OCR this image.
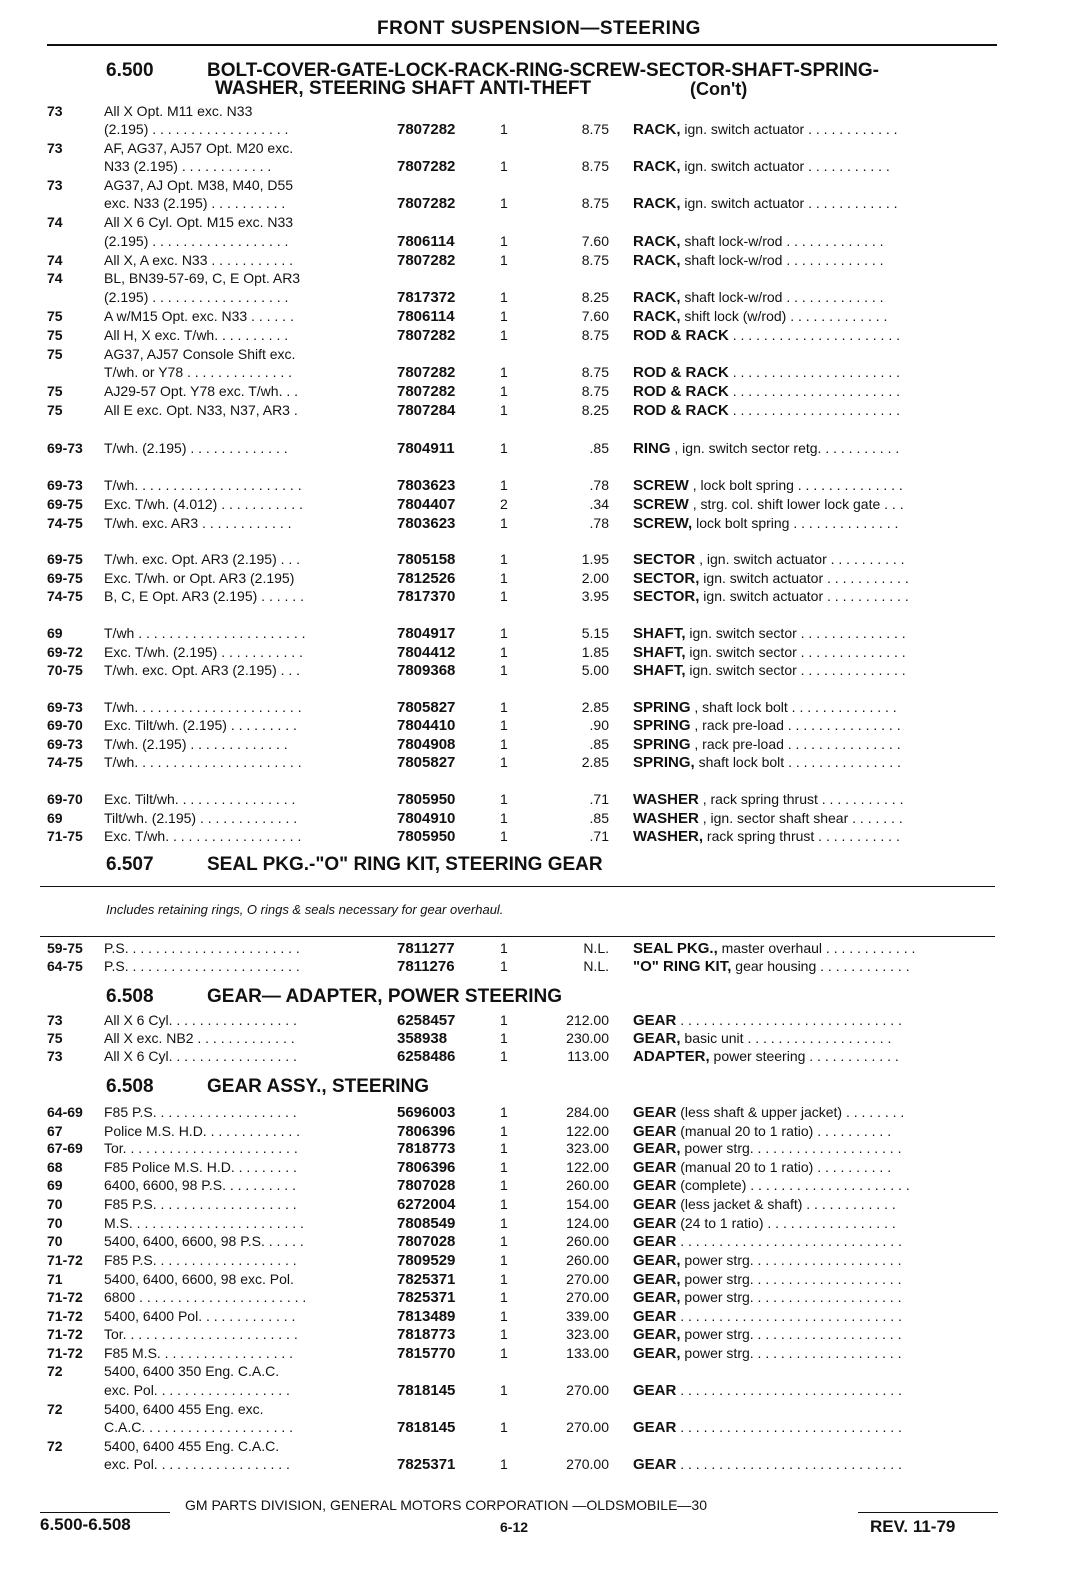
FRONT SUSPENSION—STEERING
6.500	BOLT-COVER-GATE-LOCK-RACK-RING-SCREW-SECTOR-SHAFT-SPRING-
WASHER, STEERING SHAFT ANTI-THEFT	(Con't)
6.507	SEAL PKG.-"O" RING KIT, STEERING GEAR
Includes retaining rings, O rings & seals necessary for gear overhaul.
6.508	GEAR— ADAPTER, POWER STEERING
6.508	GEAR ASSY., STEERING
73	All X Opt. M11 exc. N33
(2.195) . . . . . . . . . . . . . . . . . .	7807282	1	8.75 RACK, ign. switch actuator . . . . . . . . . . . .
73	AF, AG37, AJ57 Opt. M20 exc.
N33 (2.195) . . . . . . . . . . . .	7807282	1	8.75 RACK, ign. switch actuator . . . . . . . . . . .
73	AG37, AJ Opt. M38, M40, D55
exc. N33 (2.195) . . . . . . . . . .	7807282	1	8.75 RACK, ign. switch actuator . . . . . . . . . . . .
74	All X 6 Cyl. Opt. M15 exc. N33
(2.195) . . . . . . . . . . . . . . . . . .	7806114	1	7.60 RACK, shaft lock-w/rod . . . . . . . . . . . . .
74	All X, A exc. N33 . . . . . . . . . . .	7807282	1	8.75 RACK, shaft lock-w/rod . . . . . . . . . . . . .
74	BL, BN39-57-69, C, E Opt. AR3
(2.195) . . . . . . . . . . . . . . . . . .	7817372	1	8.25 RACK, shaft lock-w/rod . . . . . . . . . . . . .
75	A w/M15 Opt. exc. N33 . . . . . .	7806114	1	7.60 RACK, shift lock (w/rod) . . . . . . . . . . . . .
75	All H, X exc. T/wh. . . . . . . . . .	7807282	1	8.75 ROD & RACK . . . . . . . . . . . . . . . . . . . . . .
75	AG37, AJ57 Console Shift exc.
T/wh. or Y78 . . . . . . . . . . . . . .	7807282	1	8.75 ROD & RACK . . . . . . . . . . . . . . . . . . . . . .
75	AJ29-57 Opt. Y78 exc. T/wh. . .	7807282	1	8.75 ROD & RACK . . . . . . . . . . . . . . . . . . . . . .
75	All E exc. Opt. N33, N37, AR3 .	7807284	1	8.25 ROD & RACK . . . . . . . . . . . . . . . . . . . . . .
69-73 T/wh. (2.195) . . . . . . . . . . . . .	7804911	1	.85 RING , ign. switch sector retg. . . . . . . . . . .
69-73 T/wh. . . . . . . . . . . . . . . . . . . . . .	7803623	1	.78 SCREW , lock bolt spring . . . . . . . . . . . . . .
69-75 Exc. T/wh. (4.012) . . . . . . . . . . .	7804407	2	.34 SCREW , strg. col. shift lower lock gate . . .
74-75 T/wh. exc. AR3 . . . . . . . . . . . .	7803623	1	.78 SCREW, lock bolt spring . . . . . . . . . . . . . .
69-75 T/wh. exc. Opt. AR3 (2.195) . . .	7805158	1	1.95 SECTOR , ign. switch actuator . . . . . . . . . .
69-75 Exc. T/wh. or Opt. AR3 (2.195)	7812526	1	2.00 SECTOR, ign. switch actuator . . . . . . . . . . .
74-75 B, C, E Opt. AR3 (2.195) . . . . . .	7817370	1	3.95 SECTOR, ign. switch actuator . . . . . . . . . . .
69	T/wh . . . . . . . . . . . . . . . . . . . . . .	7804917	1	5.15 SHAFT, ign. switch sector . . . . . . . . . . . . . .
69-72 Exc. T/wh. (2.195) . . . . . . . . . . .	7804412	1	1.85 SHAFT, ign. switch sector . . . . . . . . . . . . . .
70-75 T/wh. exc. Opt. AR3 (2.195) . . .	7809368	1	5.00 SHAFT, ign. switch sector . . . . . . . . . . . . . .
69-73 T/wh. . . . . . . . . . . . . . . . . . . . . .	7805827	1	2.85 SPRING , shaft lock bolt . . . . . . . . . . . . . .
69-70 Exc. Tilt/wh. (2.195) . . . . . . . . .	7804410	1	.90 SPRING , rack pre-load . . . . . . . . . . . . . . .
69-73 T/wh. (2.195) . . . . . . . . . . . . .	7804908	1	.85 SPRING , rack pre-load . . . . . . . . . . . . . . .
74-75 T/wh. . . . . . . . . . . . . . . . . . . . . .	7805827	1	2.85 SPRING, shaft lock bolt . . . . . . . . . . . . . . .
69-70 Exc. Tilt/wh. . . . . . . . . . . . . . . .	7805950	1	.71 WASHER , rack spring thrust . . . . . . . . . . .
69	Tilt/wh. (2.195) . . . . . . . . . . . . .	7804910	1	.85 WASHER , ign. sector shaft shear . . . . . . .
71-75 Exc. T/wh. . . . . . . . . . . . . . . . . .	7805950	1	.71 WASHER, rack spring thrust . . . . . . . . . . .
59-75 P.S. . . . . . . . . . . . . . . . . . . . . . .	7811277	1	N.L. SEAL PKG., master overhaul . . . . . . . . . . . .
64-75 P.S. . . . . . . . . . . . . . . . . . . . . . .	7811276	1	N.L. "O" RING KIT, gear housing . . . . . . . . . . . .
73	All X 6 Cyl. . . . . . . . . . . . . . . . .	6258457	1	212.00 GEAR . . . . . . . . . . . . . . . . . . . . . . . . . . . . .
75	All X exc. NB2 . . . . . . . . . . . . .	358938	1	230.00 GEAR, basic unit . . . . . . . . . . . . . . . . . . .
73	All X 6 Cyl. . . . . . . . . . . . . . . . .	6258486	1	113.00 ADAPTER, power steering . . . . . . . . . . . .
64-69 F85 P.S. . . . . . . . . . . . . . . . . . .	5696003	1	284.00 GEAR (less shaft & upper jacket) . . . . . . . .
67	Police M.S. H.D. . . . . . . . . . . . .	7806396	1	122.00 GEAR (manual 20 to 1 ratio) . . . . . . . . . .
67-69 Tor. . . . . . . . . . . . . . . . . . . . . . .	7818773	1	323.00 GEAR, power strg. . . . . . . . . . . . . . . . . . . .
68	F85 Police M.S. H.D. . . . . . . . .	7806396	1	122.00 GEAR (manual 20 to 1 ratio) . . . . . . . . . .
69	6400, 6600, 98 P.S. . . . . . . . . .	7807028	1	260.00 GEAR (complete) . . . . . . . . . . . . . . . . . . . . .
70	F85 P.S. . . . . . . . . . . . . . . . . . .	6272004	1	154.00 GEAR (less jacket & shaft) . . . . . . . . . . . .
70	M.S. . . . . . . . . . . . . . . . . . . . . . .	7808549	1	124.00 GEAR (24 to 1 ratio) . . . . . . . . . . . . . . . . .
70	5400, 6400, 6600, 98 P.S. . . . . .	7807028	1	260.00 GEAR . . . . . . . . . . . . . . . . . . . . . . . . . . . . .
71-72 F85 P.S. . . . . . . . . . . . . . . . . . .	7809529	1	260.00 GEAR, power strg. . . . . . . . . . . . . . . . . . . .
71	5400, 6400, 6600, 98 exc. Pol.	7825371	1	270.00 GEAR, power strg. . . . . . . . . . . . . . . . . . . .
71-72 6800 . . . . . . . . . . . . . . . . . . . . . .	7825371	1	270.00 GEAR, power strg. . . . . . . . . . . . . . . . . . . .
71-72 5400, 6400 Pol. . . . . . . . . . . . .	7813489	1	339.00 GEAR . . . . . . . . . . . . . . . . . . . . . . . . . . . . .
71-72 Tor. . . . . . . . . . . . . . . . . . . . . . .	7818773	1	323.00 GEAR, power strg. . . . . . . . . . . . . . . . . . . .
71-72 F85 M.S. . . . . . . . . . . . . . . . . .	7815770	1	133.00 GEAR, power strg. . . . . . . . . . . . . . . . . . . .
72	5400, 6400 350 Eng. C.A.C.
exc. Pol. . . . . . . . . . . . . . . . . .	7818145	1	270.00 GEAR . . . . . . . . . . . . . . . . . . . . . . . . . . . . .
72	5400, 6400 455 Eng. exc.
C.A.C. . . . . . . . . . . . . . . . . . . .	7818145	1	270.00 GEAR . . . . . . . . . . . . . . . . . . . . . . . . . . . . .
72	5400, 6400 455 Eng. C.A.C.
exc. Pol. . . . . . . . . . . . . . . . . .	7825371	1	270.00 GEAR . . . . . . . . . . . . . . . . . . . . . . . . . . . . .
GM PARTS DIVISION, GENERAL MOTORS CORPORATION —OLDSMOBILE—30
6.500-6.508	6-12	REV. 11-79
